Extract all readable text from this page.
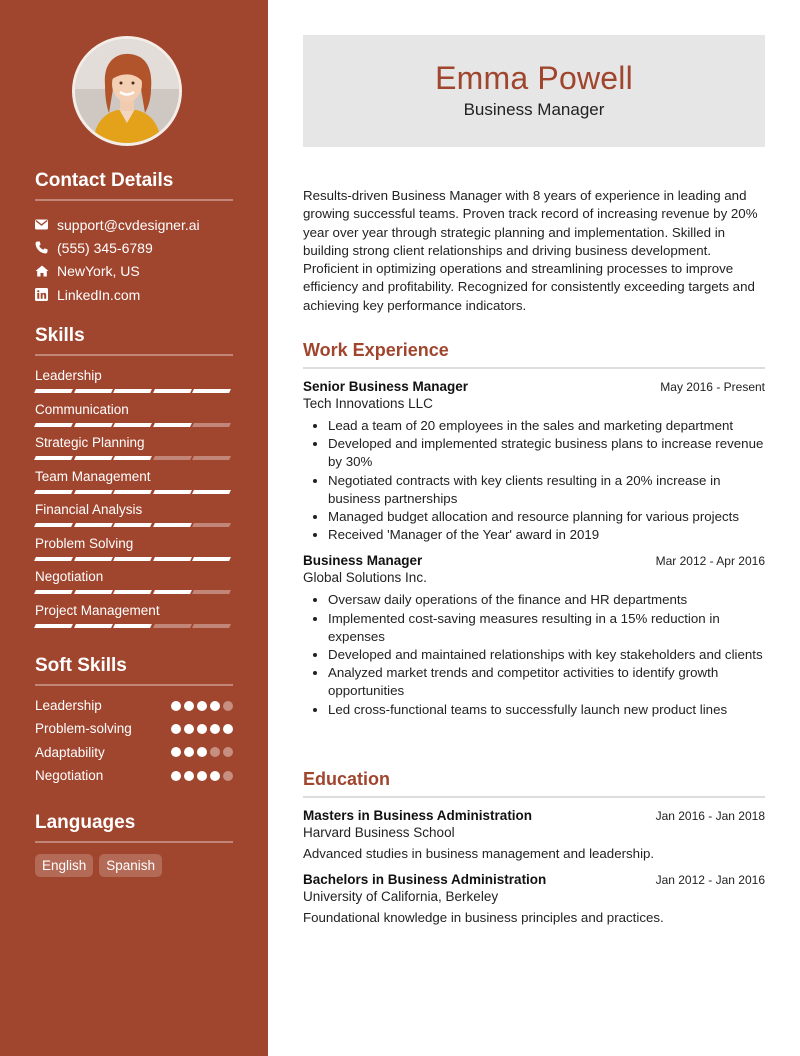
Contact Details
support@cvdesigner.ai
(555) 345-6789
NewYork, US
LinkedIn.com
Skills
Leadership
Communication
Strategic Planning
Team Management
Financial Analysis
Problem Solving
Negotiation
Project Management
Soft Skills
Leadership
Problem-solving
Adaptability
Negotiation
Languages
English	Spanish
Emma Powell
Business Manager

Results-driven Business Manager with 8 years of experience in leading and growing successful teams. Proven track record of increasing revenue by 20% year over year through strategic planning and implementation. Skilled in building strong client relationships and driving business development. Proficient in optimizing operations and streamlining processes to improve efficiency and profitability. Recognized for consistently exceeding targets and achieving key performance indicators.

Work Experience
Senior Business Manager	May 2016 - Present
Tech Innovations LLC
• Lead a team of 20 employees in the sales and marketing department
• Developed and implemented strategic business plans to increase revenue by 30%
• Negotiated contracts with key clients resulting in a 20% increase in business partnerships
• Managed budget allocation and resource planning for various projects
• Received 'Manager of the Year' award in 2019
Business Manager	Mar 2012 - Apr 2016
Global Solutions Inc.
• Oversaw daily operations of the finance and HR departments
• Implemented cost-saving measures resulting in a 15% reduction in expenses
• Developed and maintained relationships with key stakeholders and clients
• Analyzed market trends and competitor activities to identify growth opportunities
• Led cross-functional teams to successfully launch new product lines
Education
Masters in Business Administration	Jan 2016 - Jan 2018
Harvard Business School
Advanced studies in business management and leadership.
Bachelors in Business Administration	Jan 2012 - Jan 2016
University of California, Berkeley
Foundational knowledge in business principles and practices.
